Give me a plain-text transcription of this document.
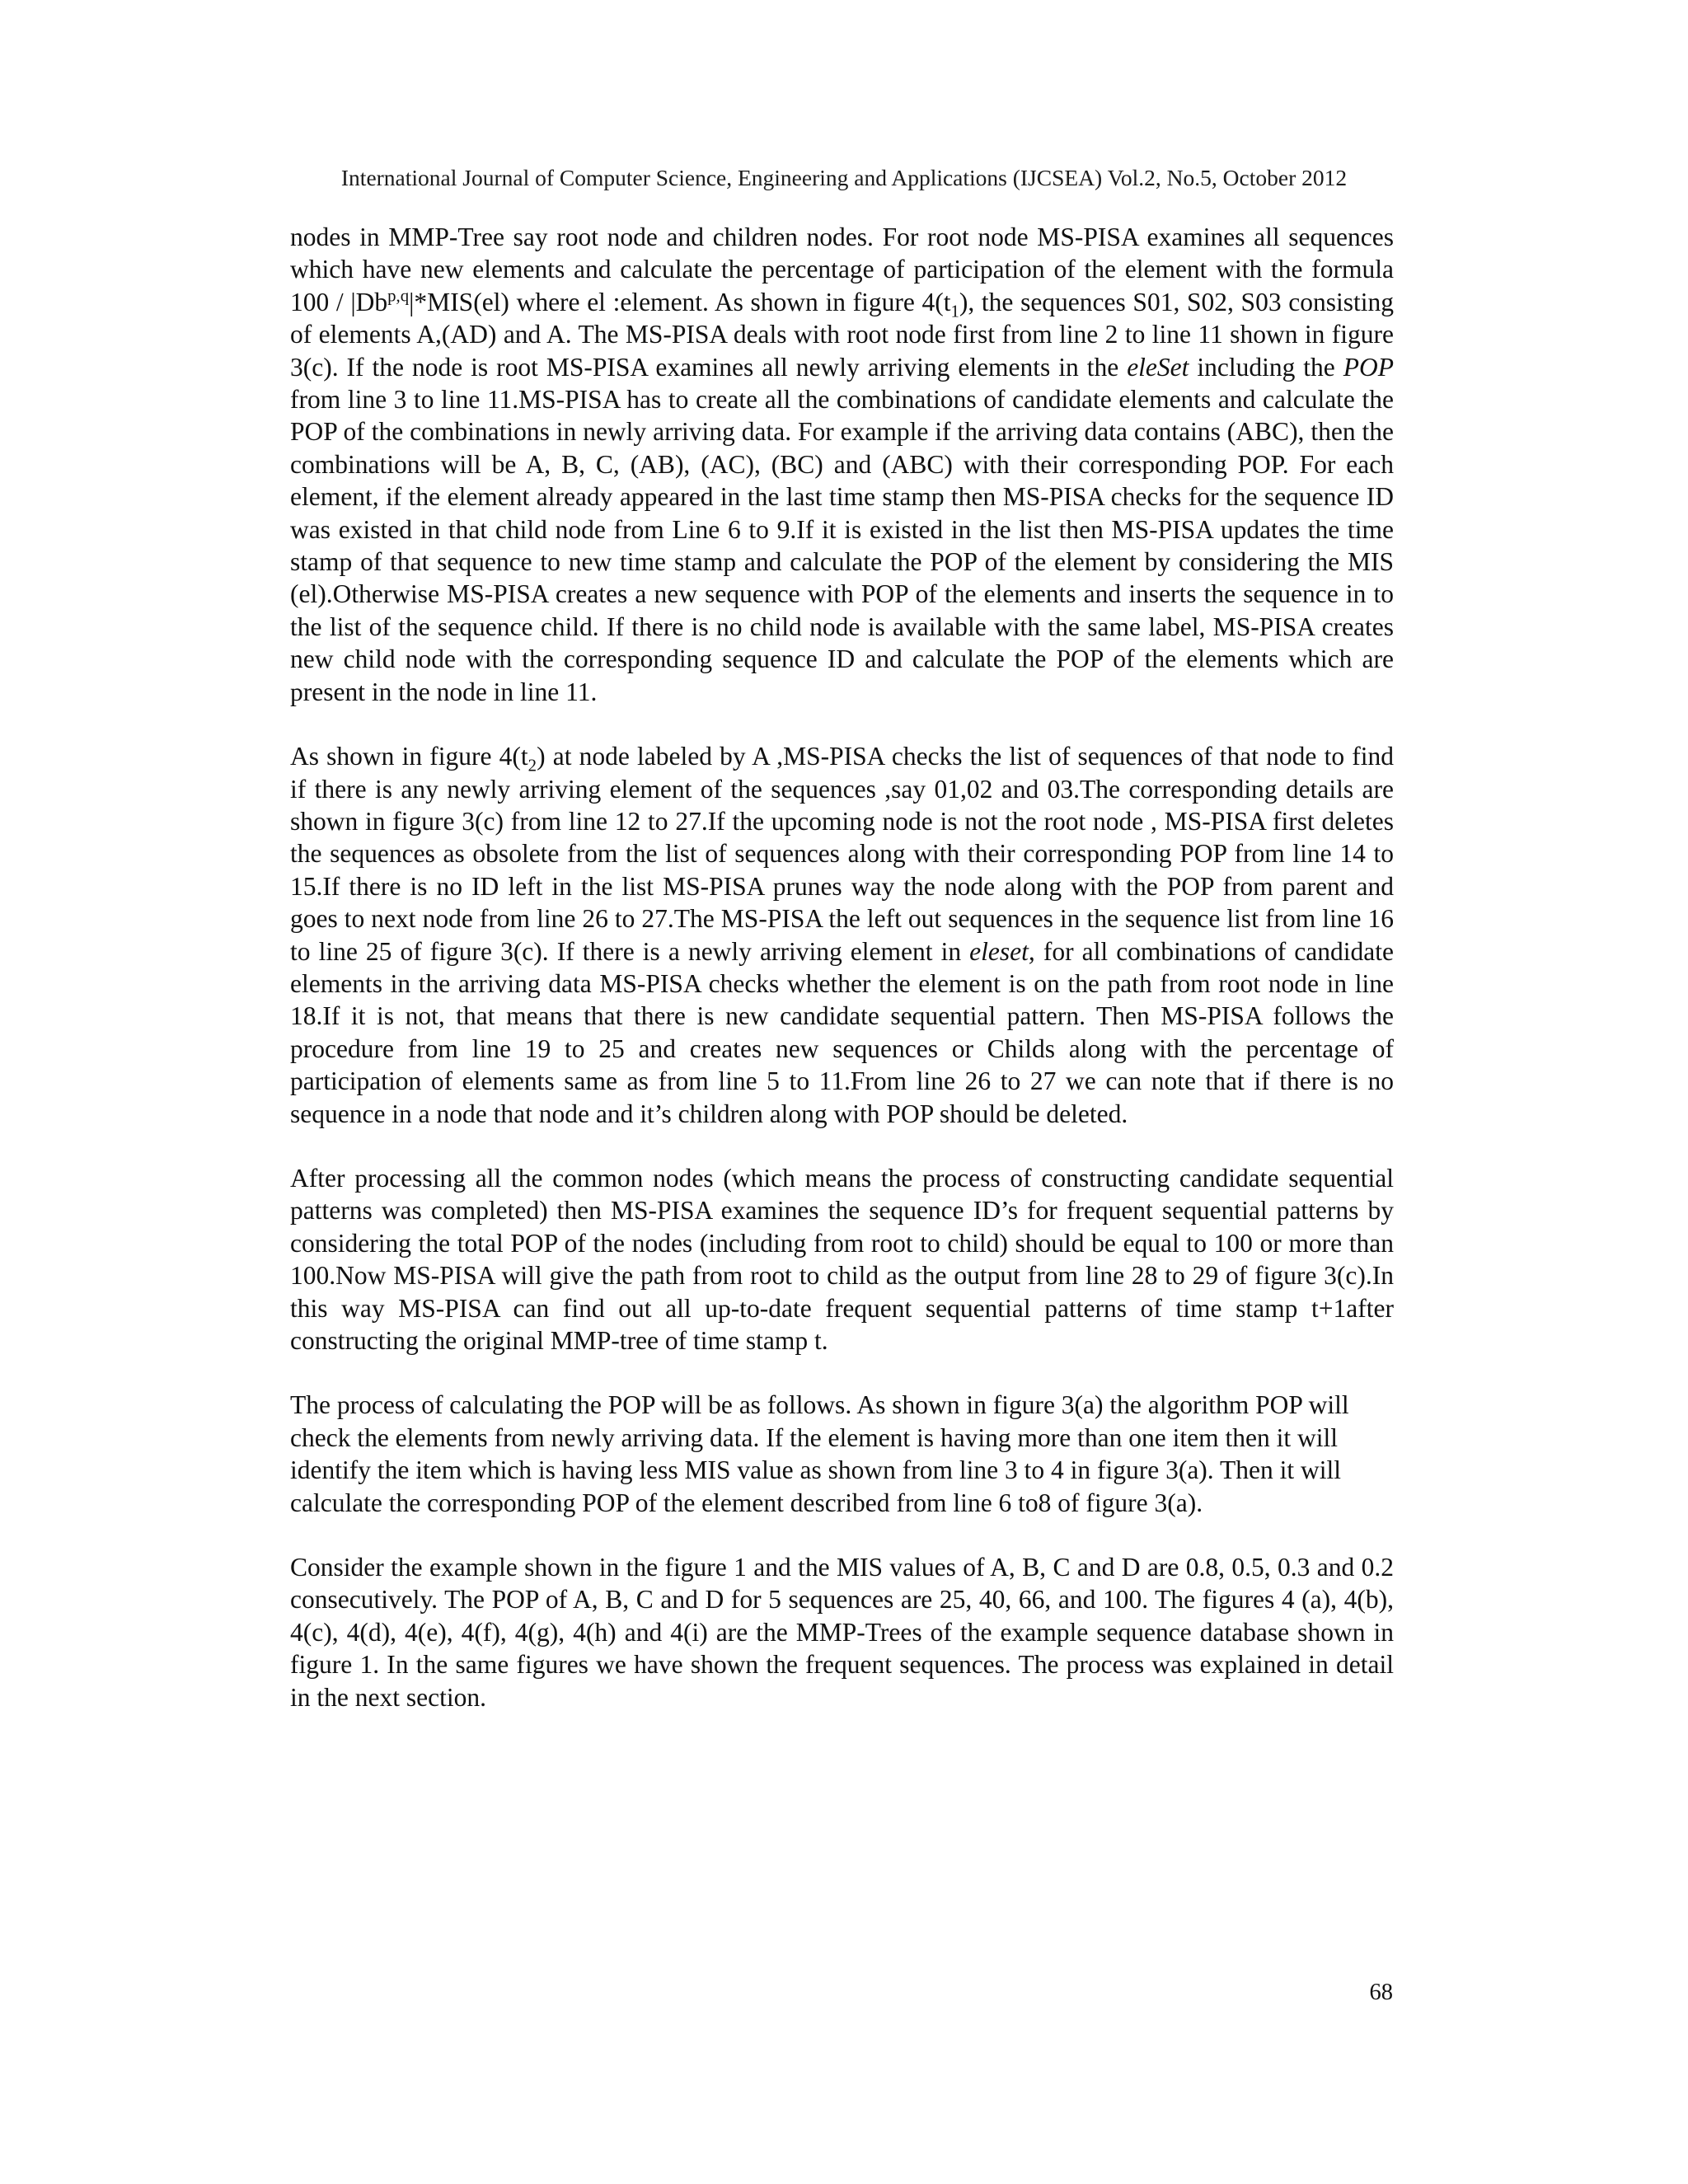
International Journal of Computer Science, Engineering and Applications (IJCSEA) Vol.2, No.5, October 2012

nodes in MMP-Tree say root node and children nodes. For root node MS-PISA examines all sequences which have new elements and calculate the percentage of participation of the element with the formula 100 / |Db$^{p,q}$|*MIS(el) where el :element. As shown in figure $4(t_1)$, the sequences S01, S02, S03 consisting of elements A,(AD) and A. The MS-PISA deals with root node first from line 2 to line 11 shown in figure 3(c). If the node is root MS-PISA examines all newly arriving elements in the eleSet including the POP from line 3 to line 11.MS-PISA has to create all the combinations of candidate elements and calculate the POP of the combinations in newly arriving data. For example if the arriving data contains (ABC), then the combinations will be A, B, C, (AB), (AC), (BC) and (ABC) with their corresponding POP. For each element, if the element already appeared in the last time stamp then MS-PISA checks for the sequence ID was existed in that child node from Line 6 to 9.If it is existed in the list then MS-PISA updates the time stamp of that sequence to new time stamp and calculate the POP of the element by considering the MIS (el).Otherwise MS-PISA creates a new sequence with POP of the elements and inserts the sequence in to the list of the sequence child. If there is no child node is available with the same label, MS-PISA creates new child node with the corresponding sequence ID and calculate the POP of the elements which are present in the node in line 11.

As shown in figure $4(t_2)$ at node labeled by A ,MS-PISA checks the list of sequences of that node to find if there is any newly arriving element of the sequences ,say 01,02 and 03.The corresponding details are shown in figure 3(c) from line 12 to 27.If the upcoming node is not the root node , MS-PISA first deletes the sequences as obsolete from the list of sequences along with their corresponding POP from line 14 to 15.If there is no ID left in the list MS-PISA prunes way the node along with the POP from parent and goes to next node from line 26 to 27.The MS-PISA the left out sequences in the sequence list from line 16 to line 25 of figure 3(c). If there is a newly arriving element in eleset, for all combinations of candidate elements in the arriving data MS-PISA checks whether the element is on the path from root node in line 18.If it is not, that means that there is new candidate sequential pattern. Then MS-PISA follows the procedure from line 19 to 25 and creates new sequences or Childs along with the percentage of participation of elements same as from line 5 to 11.From line 26 to 27 we can note that if there is no sequence in a node that node and it’s children along with POP should be deleted.

After processing all the common nodes (which means the process of constructing candidate sequential patterns was completed) then MS-PISA examines the sequence ID’s for frequent sequential patterns by considering the total POP of the nodes (including from root to child) should be equal to 100 or more than 100.Now MS-PISA will give the path from root to child as the output from line 28 to 29 of figure 3(c).In this way MS-PISA can find out all up-to-date frequent sequential patterns of time stamp t+1after constructing the original MMP-tree of time stamp t.

The process of calculating the POP will be as follows. As shown in figure 3(a) the algorithm POP will check the elements from newly arriving data. If the element is having more than one item then it will identify the item which is having less MIS value as shown from line 3 to 4 in figure 3(a). Then it will calculate the corresponding POP of the element described from line 6 to8 of figure 3(a).

Consider the example shown in the figure 1 and the MIS values of A, B, C and D are 0.8, 0.5, 0.3 and 0.2 consecutively. The POP of A, B, C and D for 5 sequences are 25, 40, 66, and 100. The figures 4 (a), 4(b), 4(c), 4(d), 4(e), 4(f), 4(g), 4(h) and 4(i) are the MMP-Trees of the example sequence database shown in figure 1. In the same figures we have shown the frequent sequences. The process was explained in detail in the next section.

68
